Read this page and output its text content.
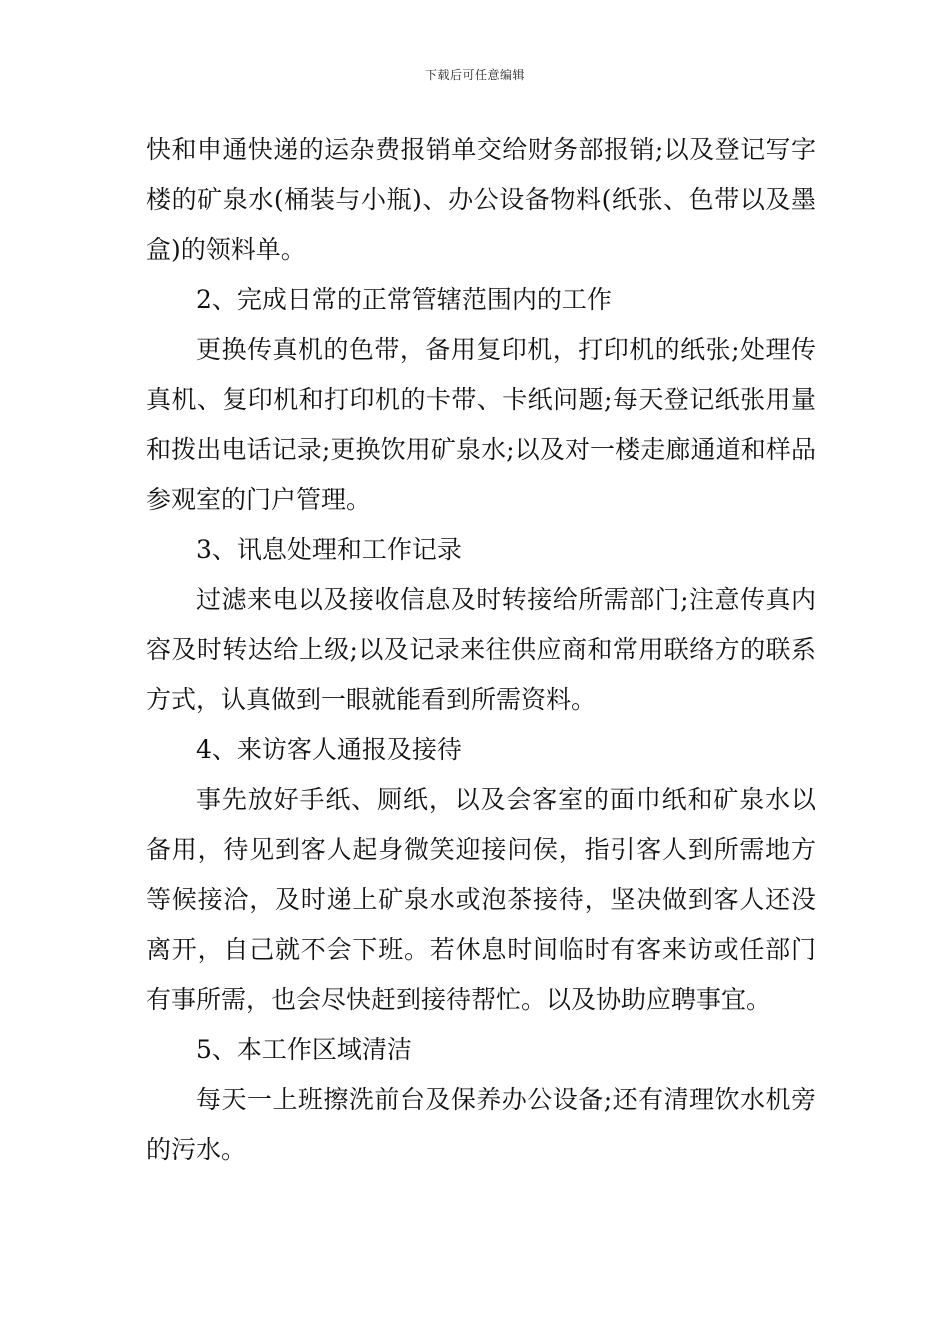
下载后可任意编辑

快和申通快递的运杂费报销单交给财务部报销;以及登记写字楼的矿泉水(桶装与小瓶)、办公设备物料(纸张、色带以及墨盒)的领料单。

2、完成日常的正常管辖范围内的工作

更换传真机的色带，备用复印机，打印机的纸张;处理传真机、复印机和打印机的卡带、卡纸问题;每天登记纸张用量和拨出电话记录;更换饮用矿泉水;以及对一楼走廊通道和样品参观室的门户管理。

3、讯息处理和工作记录

过滤来电以及接收信息及时转接给所需部门;注意传真内容及时转达给上级;以及记录来往供应商和常用联络方的联系方式，认真做到一眼就能看到所需资料。

4、来访客人通报及接待

事先放好手纸、厕纸，以及会客室的面巾纸和矿泉水以备用，待见到客人起身微笑迎接问侯，指引客人到所需地方等候接洽，及时递上矿泉水或泡茶接待，坚决做到客人还没离开，自己就不会下班。若休息时间临时有客来访或任部门有事所需，也会尽快赶到接待帮忙。以及协助应聘事宜。

5、本工作区域清洁

每天一上班擦洗前台及保养办公设备;还有清理饮水机旁的污水。
